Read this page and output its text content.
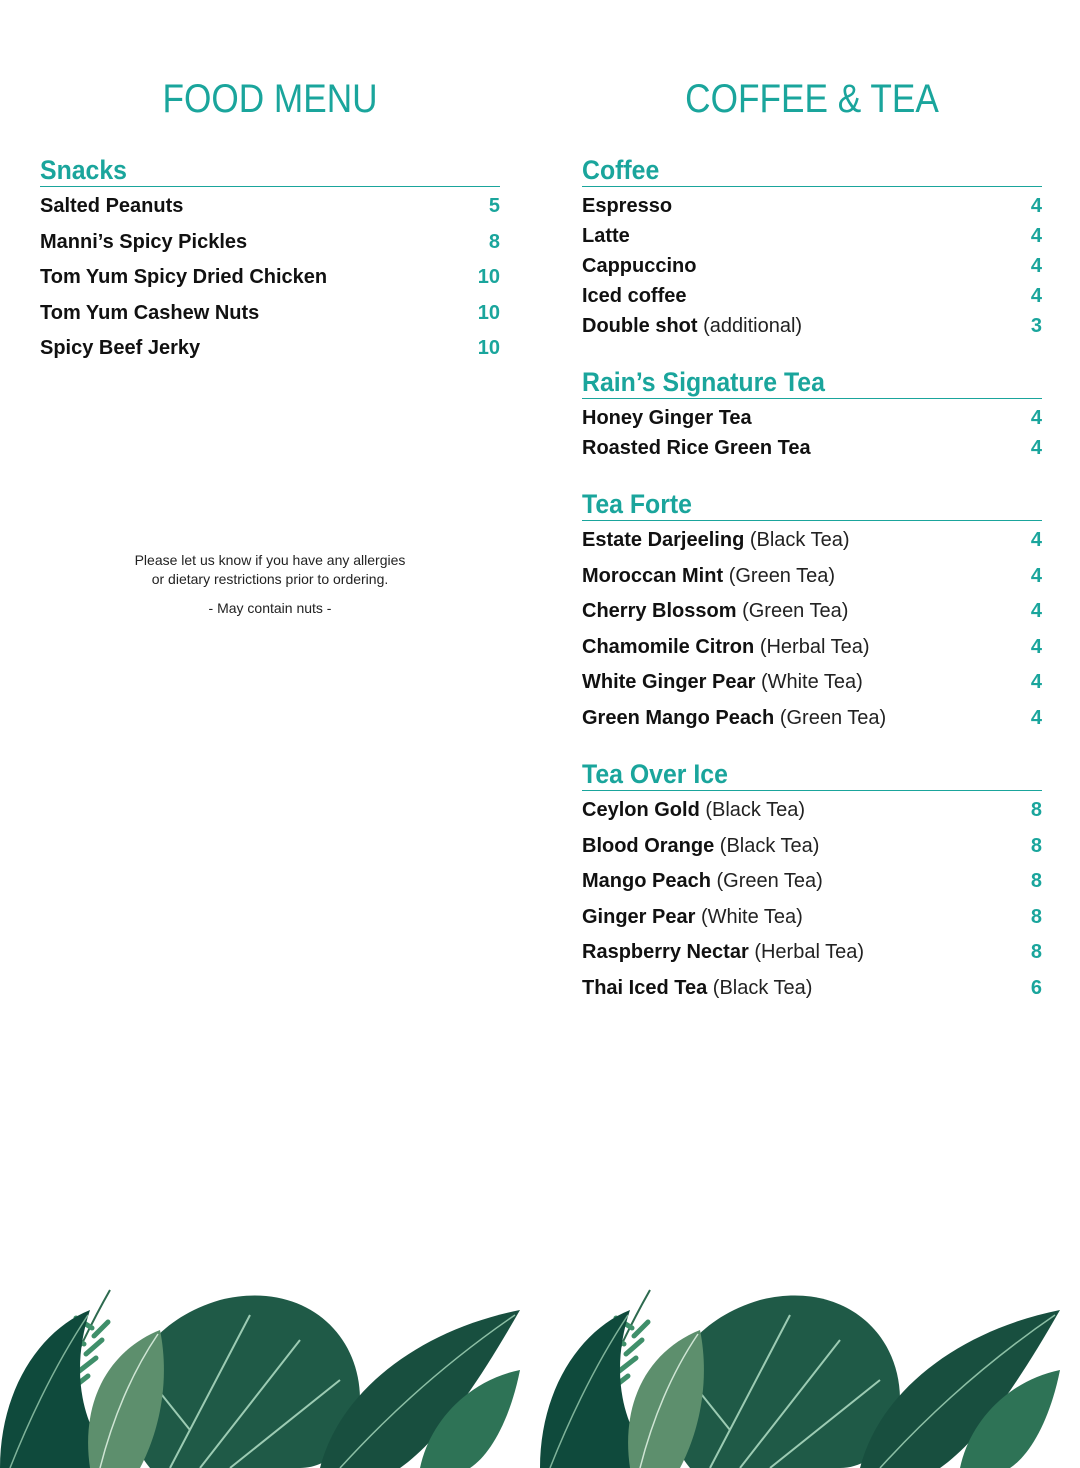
FOOD MENU
Snacks
Salted Peanuts	5
Manni’s Spicy Pickles	8
Tom Yum Spicy Dried Chicken	10
Tom Yum Cashew Nuts	10
Spicy Beef Jerky	10

Please let us know if you have any allergies

or dietary restrictions prior to ordering.

- May contain nuts -

COFFEE & TEA
Coffee
Espresso	4
Latte	4
Cappuccino	4
Iced coffee	4
Double shot (additional)	3
Rain’s Signature Tea
Honey Ginger Tea	4
Roasted Rice Green Tea	4
Tea Forte
Estate Darjeeling (Black Tea)	4
Moroccan Mint (Green Tea)	4
Cherry Blossom (Green Tea)	4
Chamomile Citron (Herbal Tea)	4
White Ginger Pear (White Tea)	4
Green Mango Peach (Green Tea)	4
Tea Over Ice
Ceylon Gold (Black Tea)	8
Blood Orange (Black Tea)	8
Mango Peach (Green Tea)	8
Ginger Pear (White Tea)	8
Raspberry Nectar (Herbal Tea)	8
Thai Iced Tea (Black Tea)	6
